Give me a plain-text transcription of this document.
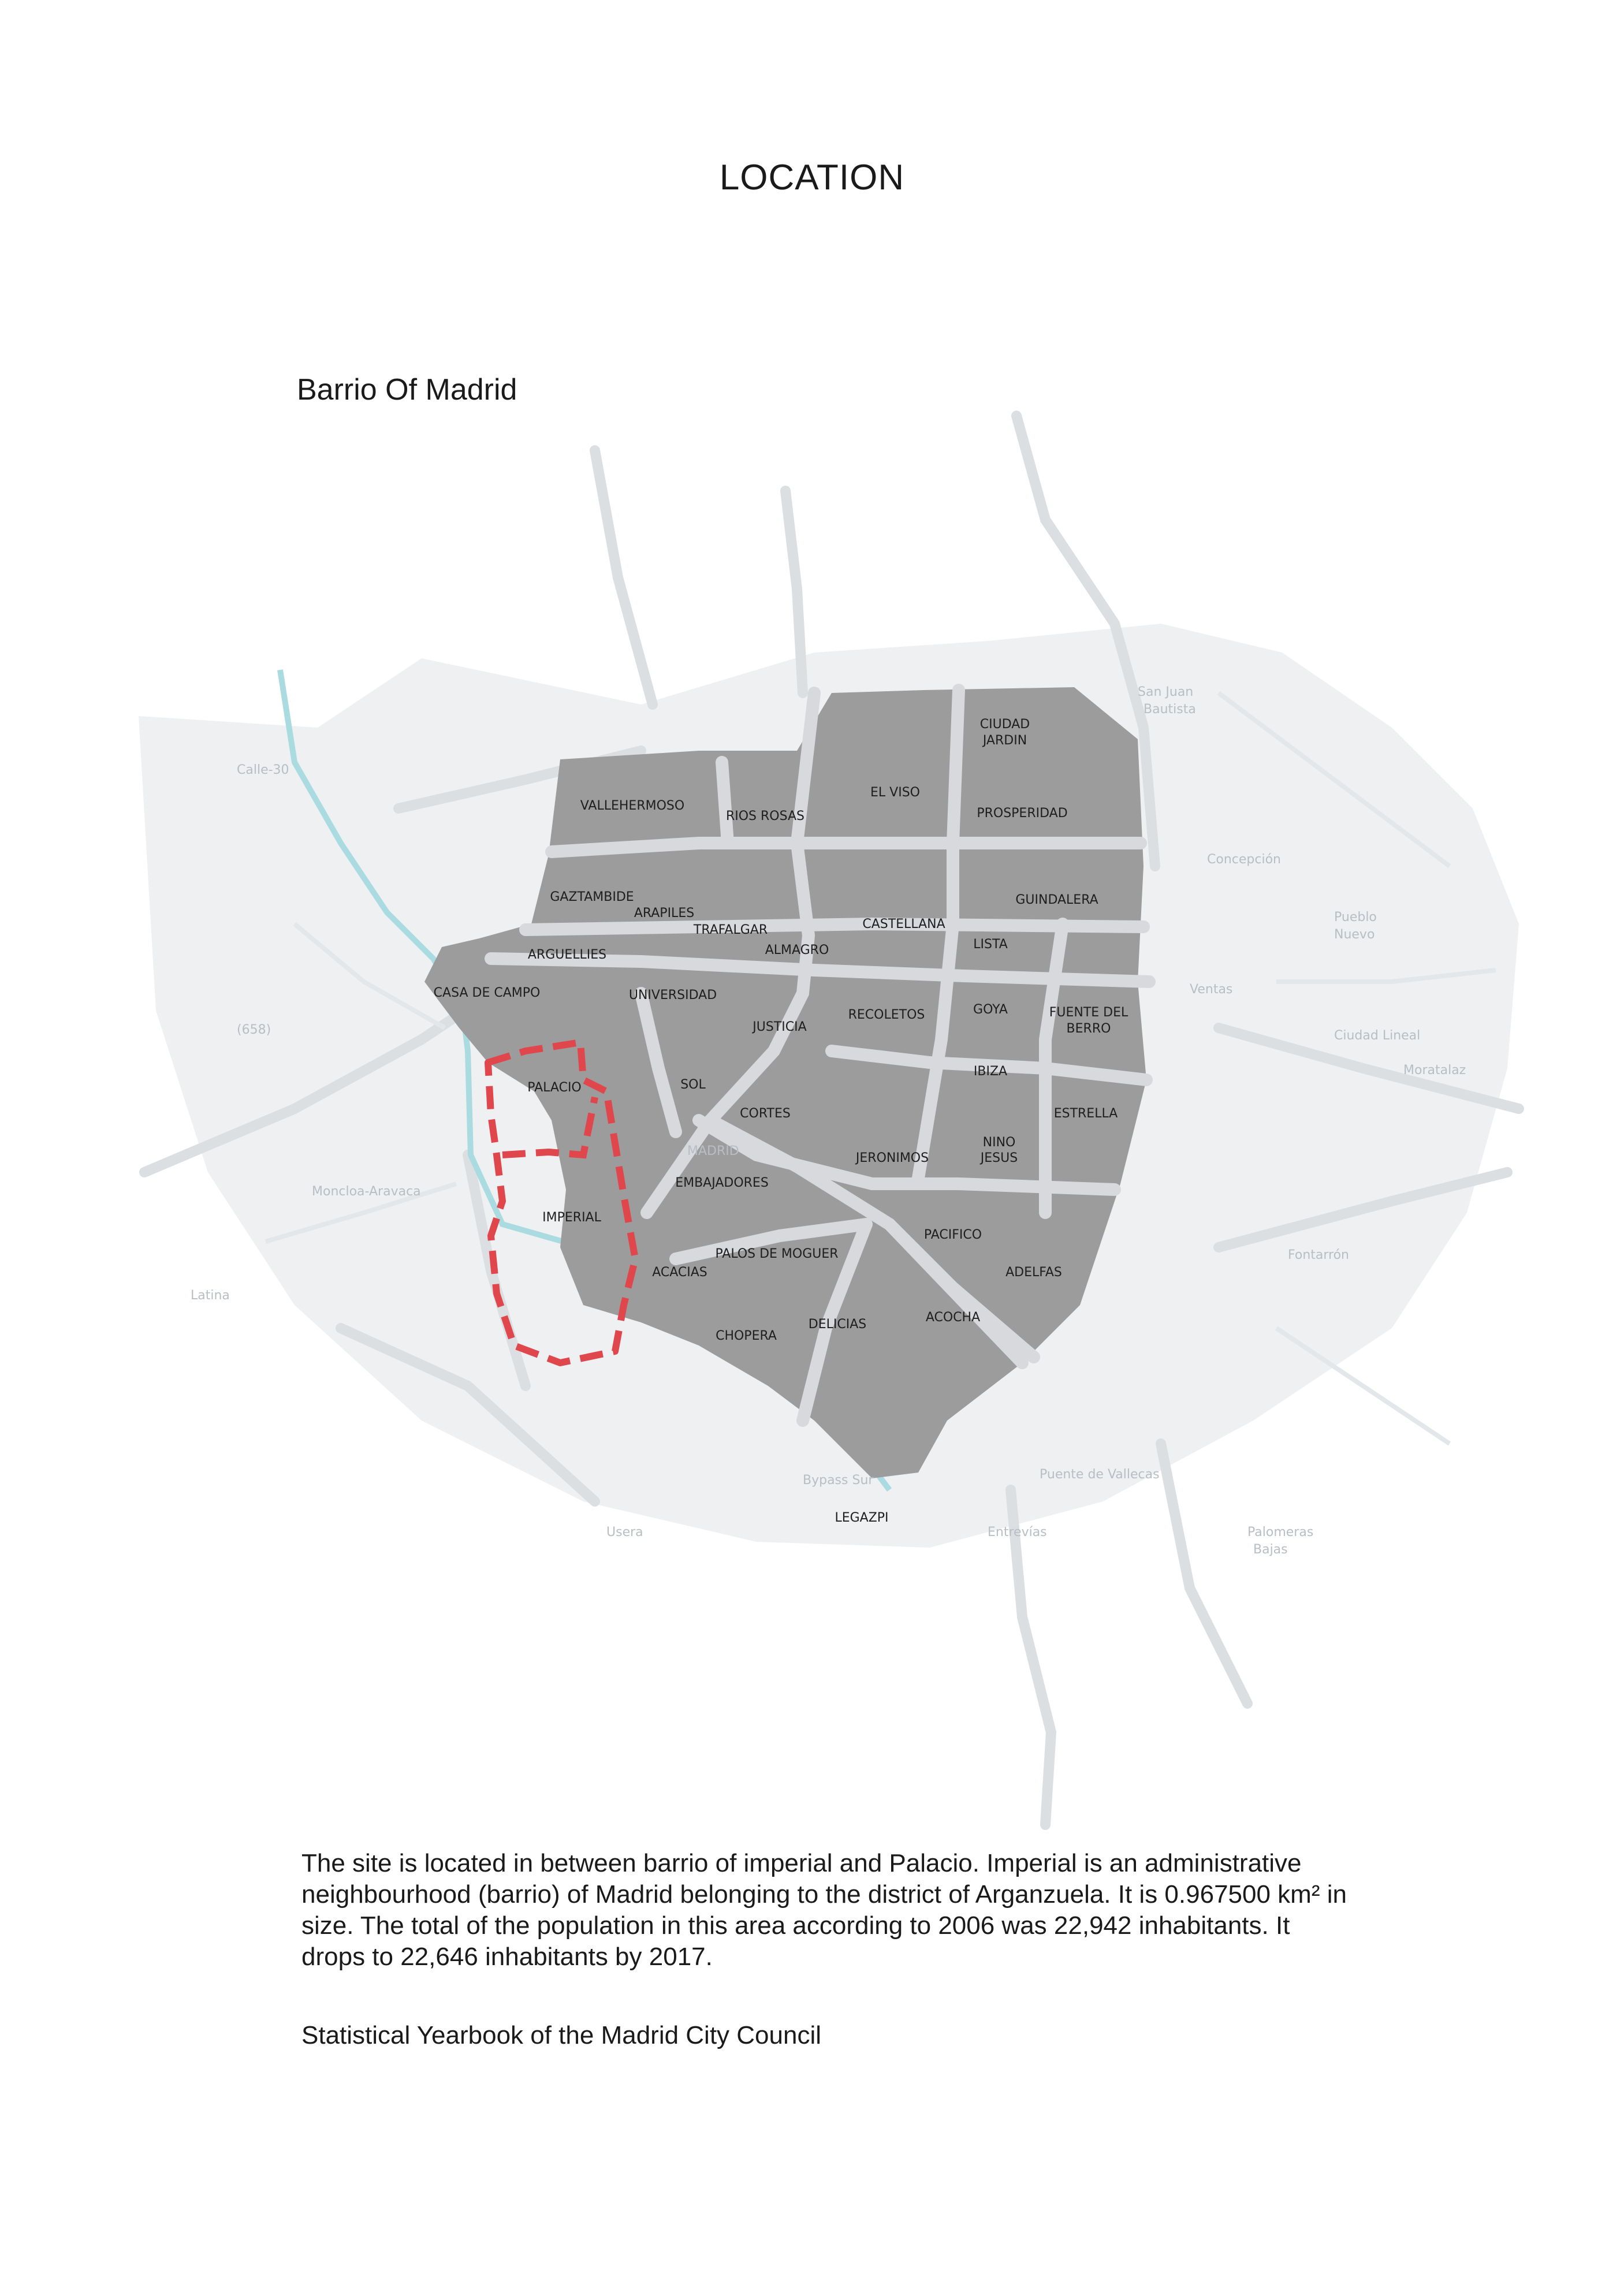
LOCATION
Barrio Of Madrid
San Juan
Bautista
Concepción
Pueblo
Nuevo
Ventas
Ciudad Lineal
Moratalaz
Fontarrón
Palomeras
Bajas
Moncloa-Aravaca
Latina
Usera
Calle-30
(658)
MADRID
Bypass Sur	Puente de Vallecas
Entrevías
CIUDAD
JARDIN
EL VISO
VALLEHERMOSO
RIOS ROSAS	PROSPERIDAD
GAZTAMBIDE
ARAPILES
GUINDALERA
TRAFALGAR	CASTELLANA
ALMAGRO	LISTA
ARGUELLIES
CASA DE CAMPO	UNIVERSIDAD
RECOLETOS	GOYA	FUENTE DEL
BERRO
JUSTICIA
PALACIO	SOL
IBIZA
CORTES	ESTRELLA
NINO
JESUS
JERONIMOS
EMBAJADORES
IMPERIAL
PACIFICO
PALOS DE MOGUER
ADELFAS
ACACIAS
ACOCHA
DELICIAS
CHOPERA
LEGAZPI
The site is located in between barrio of imperial and Palacio. Imperial is an administrative neighbourhood (barrio) of Madrid belonging to the district of Arganzuela. It is 0.967500 km² in size. The total of the population in this area according to 2006 was 22,942 inhabitants. It drops to 22,646 inhabitants by 2017.
Statistical Yearbook of the Madrid City Council
